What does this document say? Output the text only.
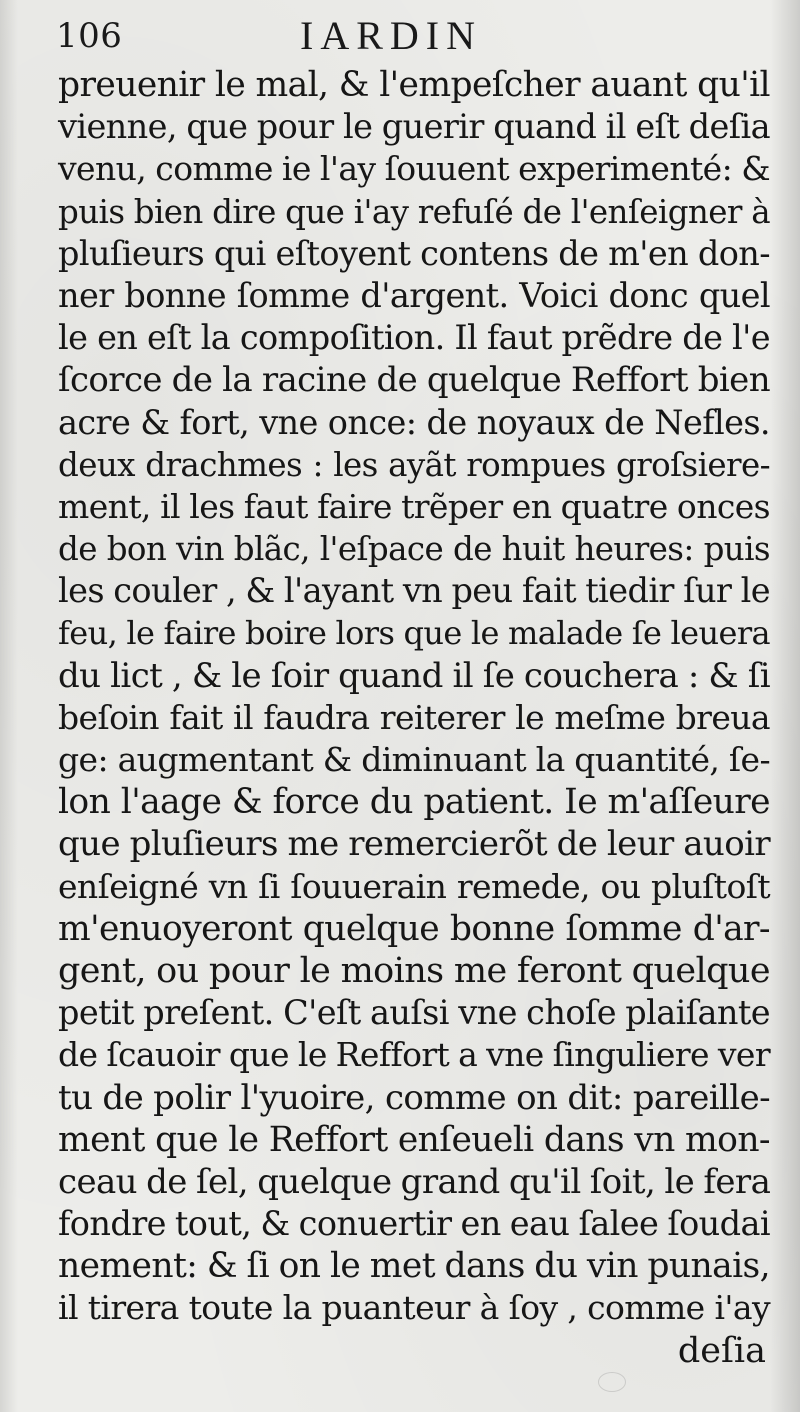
106	IARDIN
preuenir le mal, & l'empeſcher auant qu'il
vienne, que pour le guerir quand il eſt deſia
venu, comme ie l'ay ſouuent experimenté: &
puis bien dire que i'ay refuſé de l'enſeigner à
pluſieurs qui eſtoyent contens de m'en don-
ner bonne ſomme d'argent. Voici donc quel
le en eſt la compoſition. Il faut prẽdre de l'e
ſcorce de la racine de quelque Reffort bien
acre & fort, vne once: de noyaux de Nefles.
deux drachmes : les ayãt rompues groſsiere-
ment, il les faut faire trẽper en quatre onces
de bon vin blãc, l'eſpace de huit heures: puis
les couler , & l'ayant vn peu fait tiedir ſur le
feu, le faire boire lors que le malade ſe leuera
du lict , & le ſoir quand il ſe couchera : & ſi
beſoin fait il faudra reiterer le meſme breua
ge: augmentant & diminuant la quantité, ſe-
lon l'aage & force du patient. Ie m'aſſeure
que pluſieurs me remercierõt de leur auoir
enſeigné vn ſi ſouuerain remede, ou pluſtoſt
m'enuoyeront quelque bonne ſomme d'ar-
gent, ou pour le moins me feront quelque
petit preſent. C'eſt auſsi vne choſe plaiſante
de ſcauoir que le Reffort a vne ſinguliere ver
tu de polir l'yuoire, comme on dit: pareille-
ment que le Reffort enſeueli dans vn mon-
ceau de ſel, quelque grand qu'il ſoit, le fera
fondre tout, & conuertir en eau ſalee ſoudai
nement: & ſi on le met dans du vin punais,
il tirera toute la puanteur à ſoy , comme i'ay
deſia
